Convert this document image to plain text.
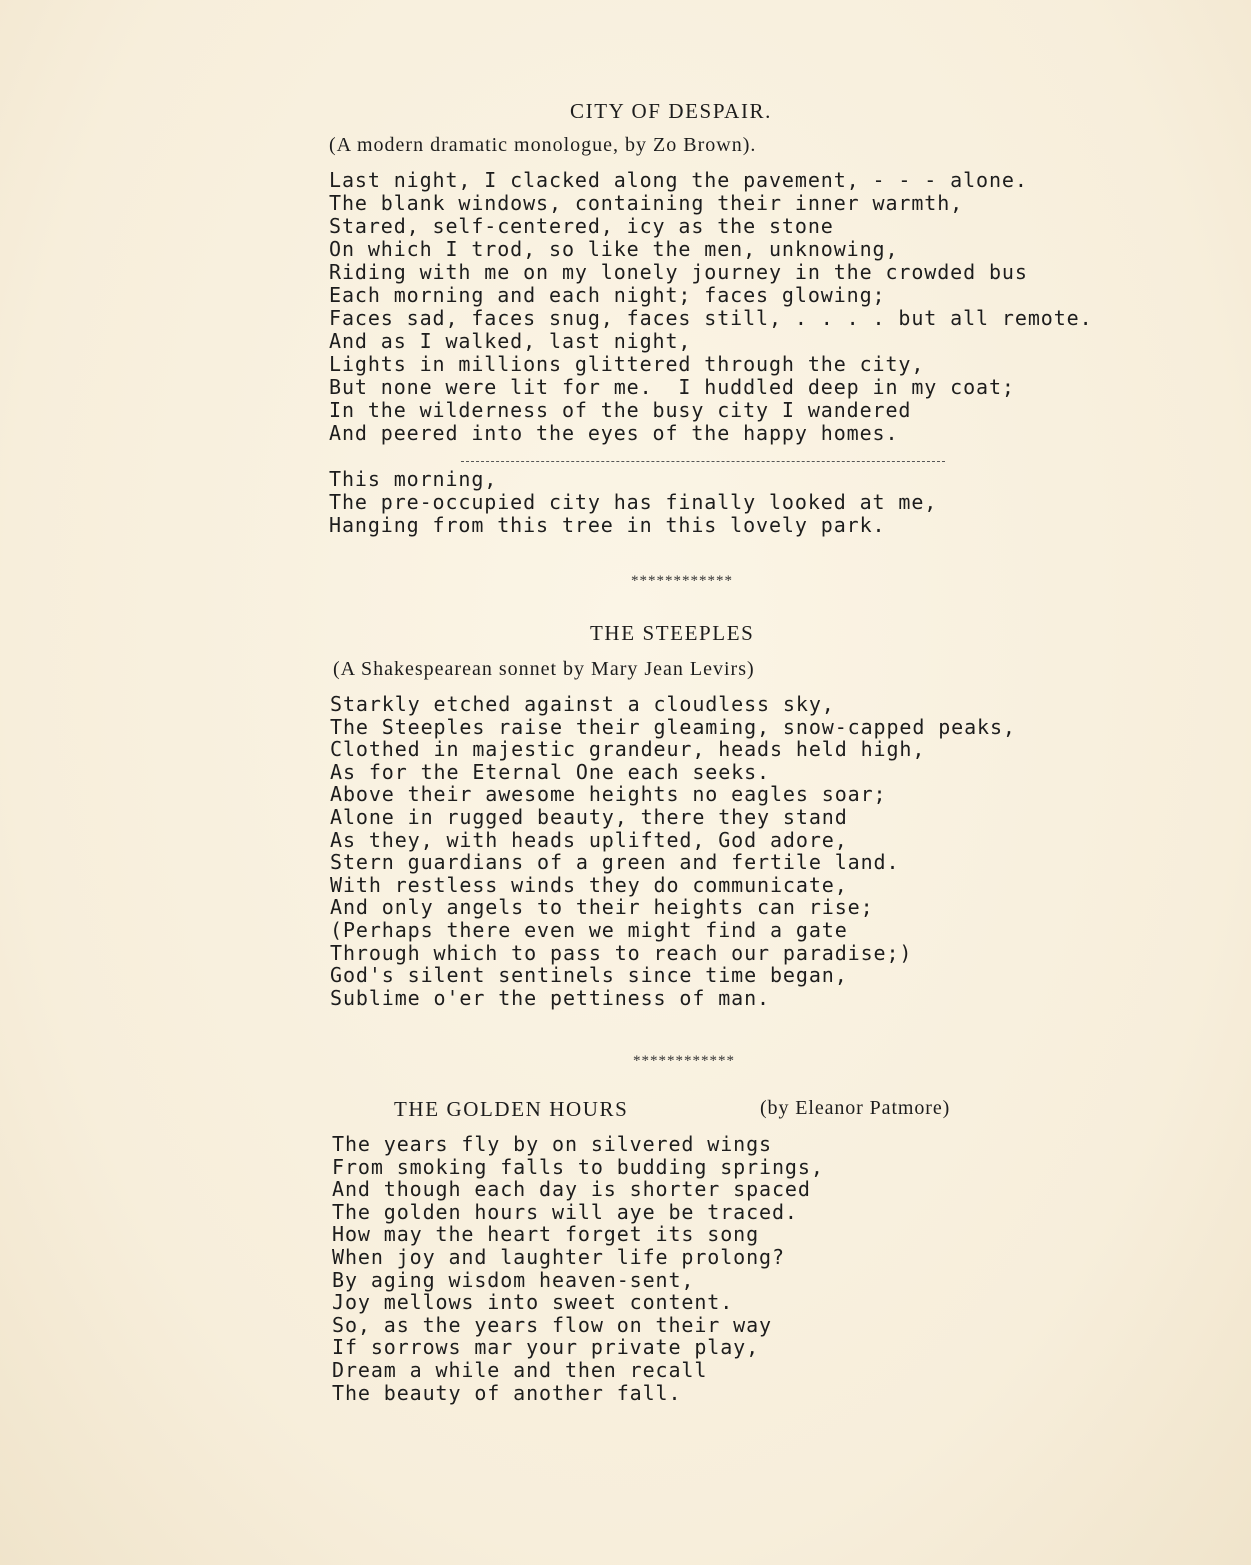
CITY OF DESPAIR.
(A modern dramatic monologue, by Zo Brown).
Last night, I clacked along the pavement, - - - alone.
The blank windows, containing their inner warmth,
Stared, self-centered, icy as the stone
On which I trod, so like the men, unknowing,
Riding with me on my lonely journey in the crowded bus
Each morning and each night; faces glowing;
Faces sad, faces snug, faces still, . . . . but all remote.
And as I walked, last night,
Lights in millions glittered through the city,
But none were lit for me.  I huddled deep in my coat;
In the wilderness of the busy city I wandered
And peered into the eyes of the happy homes.
This morning,
The pre-occupied city has finally looked at me,
Hanging from this tree in this lovely park.
************
THE STEEPLES
(A Shakespearean sonnet by Mary Jean Levirs)
Starkly etched against a cloudless sky,
The Steeples raise their gleaming, snow-capped peaks,
Clothed in majestic grandeur, heads held high,
As for the Eternal One each seeks.
Above their awesome heights no eagles soar;
Alone in rugged beauty, there they stand
As they, with heads uplifted, God adore,
Stern guardians of a green and fertile land.
With restless winds they do communicate,
And only angels to their heights can rise;
(Perhaps there even we might find a gate
Through which to pass to reach our paradise;)
God's silent sentinels since time began,
Sublime o'er the pettiness of man.
************
THE GOLDEN HOURS	(by Eleanor Patmore)
The years fly by on silvered wings
From smoking falls to budding springs,
And though each day is shorter spaced
The golden hours will aye be traced.
How may the heart forget its song
When joy and laughter life prolong?
By aging wisdom heaven-sent,
Joy mellows into sweet content.
So, as the years flow on their way
If sorrows mar your private play,
Dream a while and then recall
The beauty of another fall.
